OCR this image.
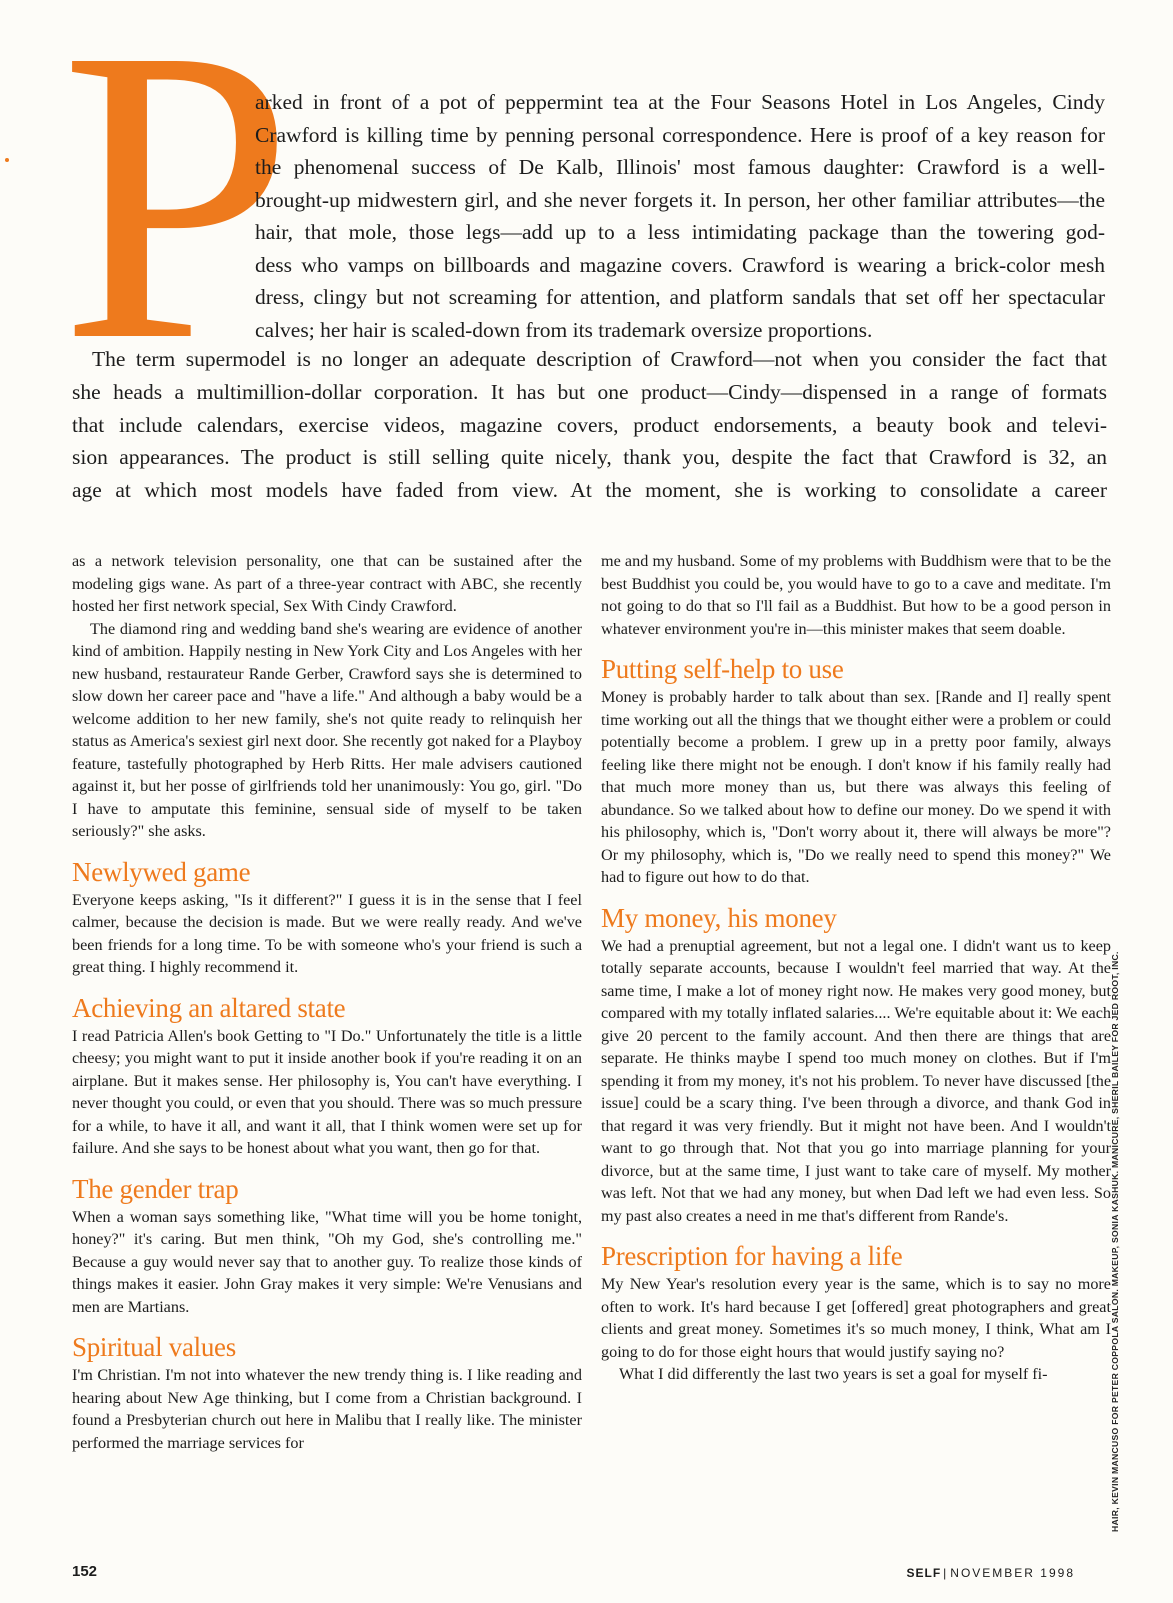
P
arked in front of a pot of peppermint tea at the Four Seasons Hotel in Los Angeles, Cindy
Crawford is killing time by penning personal correspondence. Here is proof of a key reason for
the phenomenal success of De Kalb, Illinois' most famous daughter: Crawford is a well-
brought-up midwestern girl, and she never forgets it. In person, her other familiar attributes—the
hair, that mole, those legs—add up to a less intimidating package than the towering god-
dess who vamps on billboards and magazine covers. Crawford is wearing a brick-color mesh
dress, clingy but not screaming for attention, and platform sandals that set off her spectacular
calves; her hair is scaled-down from its trademark oversize proportions.
The term supermodel is no longer an adequate description of Crawford—not when you consider the fact that
she heads a multimillion-dollar corporation. It has but one product—Cindy—dispensed in a range of formats
that include calendars, exercise videos, magazine covers, product endorsements, a beauty book and televi-
sion appearances. The product is still selling quite nicely, thank you, despite the fact that Crawford is 32, an
age at which most models have faded from view. At the moment, she is working to consolidate a career

as a network television personality, one that can be sustained after the modeling gigs wane. As part of a three-year contract with ABC, she recently hosted her first network special, Sex With Cindy Crawford.

The diamond ring and wedding band she's wearing are evidence of another kind of ambition. Happily nesting in New York City and Los Angeles with her new husband, restaurateur Rande Gerber, Crawford says she is determined to slow down her career pace and "have a life." And although a baby would be a welcome addition to her new family, she's not quite ready to relinquish her status as America's sexiest girl next door. She recently got naked for a Playboy feature, tastefully photographed by Herb Ritts. Her male advisers cautioned against it, but her posse of girlfriends told her unanimously: You go, girl. "Do I have to amputate this feminine, sensual side of myself to be taken seriously?" she asks.

Newlywed game

Everyone keeps asking, "Is it different?" I guess it is in the sense that I feel calmer, because the decision is made. But we were really ready. And we've been friends for a long time. To be with someone who's your friend is such a great thing. I highly recommend it.

Achieving an altared state

I read Patricia Allen's book Getting to "I Do." Unfortunately the title is a little cheesy; you might want to put it inside another book if you're reading it on an airplane. But it makes sense. Her philosophy is, You can't have everything. I never thought you could, or even that you should. There was so much pressure for a while, to have it all, and want it all, that I think women were set up for failure. And she says to be honest about what you want, then go for that.

The gender trap

When a woman says something like, "What time will you be home tonight, honey?" it's caring. But men think, "Oh my God, she's controlling me." Because a guy would never say that to another guy. To realize those kinds of things makes it easier. John Gray makes it very simple: We're Venusians and men are Martians.

Spiritual values

I'm Christian. I'm not into whatever the new trendy thing is. I like reading and hearing about New Age thinking, but I come from a Christian background. I found a Presbyterian church out here in Malibu that I really like. The minister performed the marriage services for

me and my husband. Some of my problems with Buddhism were that to be the best Buddhist you could be, you would have to go to a cave and meditate. I'm not going to do that so I'll fail as a Buddhist. But how to be a good person in whatever environment you're in—this minister makes that seem doable.

Putting self-help to use

Money is probably harder to talk about than sex. [Rande and I] really spent time working out all the things that we thought either were a problem or could potentially become a problem. I grew up in a pretty poor family, always feeling like there might not be enough. I don't know if his family really had that much more money than us, but there was always this feeling of abundance. So we talked about how to define our money. Do we spend it with his philosophy, which is, "Don't worry about it, there will always be more"? Or my philosophy, which is, "Do we really need to spend this money?" We had to figure out how to do that.

My money, his money

We had a prenuptial agreement, but not a legal one. I didn't want us to keep totally separate accounts, because I wouldn't feel married that way. At the same time, I make a lot of money right now. He makes very good money, but compared with my totally inflated salaries.... We're equitable about it: We each give 20 percent to the family account. And then there are things that are separate. He thinks maybe I spend too much money on clothes. But if I'm spending it from my money, it's not his problem. To never have discussed [the issue] could be a scary thing. I've been through a divorce, and thank God in that regard it was very friendly. But it might not have been. And I wouldn't want to go through that. Not that you go into marriage planning for your divorce, but at the same time, I just want to take care of myself. My mother was left. Not that we had any money, but when Dad left we had even less. So my past also creates a need in me that's different from Rande's.

Prescription for having a life

My New Year's resolution every year is the same, which is to say no more often to work. It's hard because I get [offered] great photographers and great clients and great money. Sometimes it's so much money, I think, What am I going to do for those eight hours that would justify saying no?

What I did differently the last two years is set a goal for myself fi-	HAIR, KEVIN MANCUSO FOR PETER COPPOLA SALON. MAKEUP, SONIA KASHUK. MANICURE, SHERIL BAILEY FOR JED ROOT, INC.
152	SELF | NOVEMBER 1998
